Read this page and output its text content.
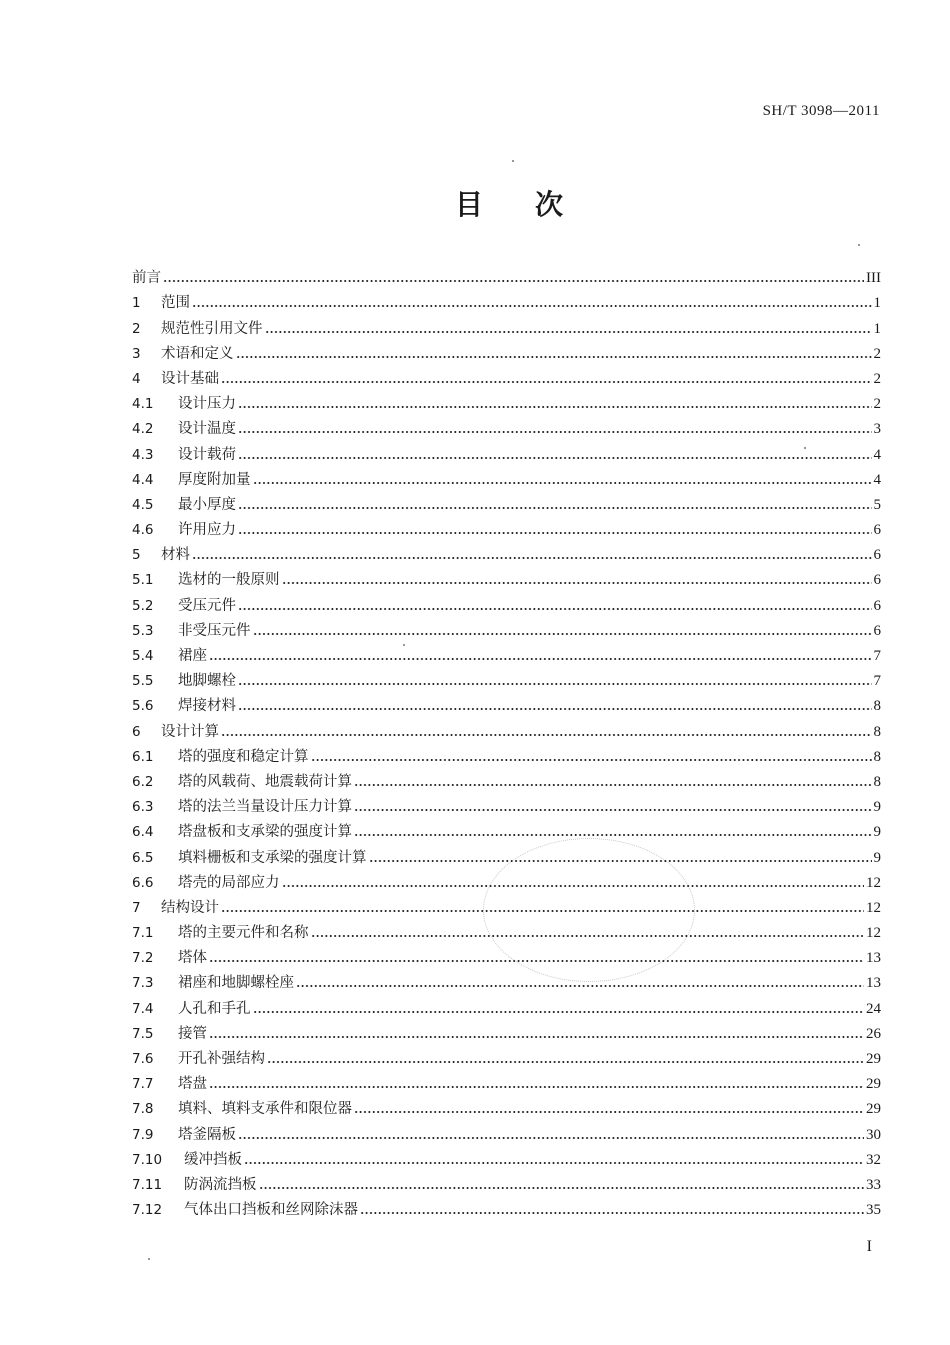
SH/T 3098—2011
目 次
前言	III
1	范围	1
2	规范性引用文件	1
3	术语和定义	2
4	设计基础	2
4.1	设计压力	2
4.2	设计温度	3
4.3	设计载荷	4
4.4	厚度附加量	4
4.5	最小厚度	5
4.6	许用应力	6
5	材料	6
5.1	选材的一般原则	6
5.2	受压元件	6
5.3	非受压元件	6
5.4	裙座	7
5.5	地脚螺栓	7
5.6	焊接材料	8
6	设计计算	8
6.1	塔的强度和稳定计算	8
6.2	塔的风载荷、地震载荷计算	8
6.3	塔的法兰当量设计压力计算	9
6.4	塔盘板和支承梁的强度计算	9
6.5	填料栅板和支承梁的强度计算	9
6.6	塔壳的局部应力	12
7	结构设计	12
7.1	塔的主要元件和名称	12
7.2	塔体	13
7.3	裙座和地脚螺栓座	13
7.4	人孔和手孔	24
7.5	接管	26
7.6	开孔补强结构	29
7.7	塔盘	29
7.8	填料、填料支承件和限位器	29
7.9	塔釜隔板	30
7.10	缓冲挡板	32
7.11	防涡流挡板	33
7.12	气体出口挡板和丝网除沫器	35
I
